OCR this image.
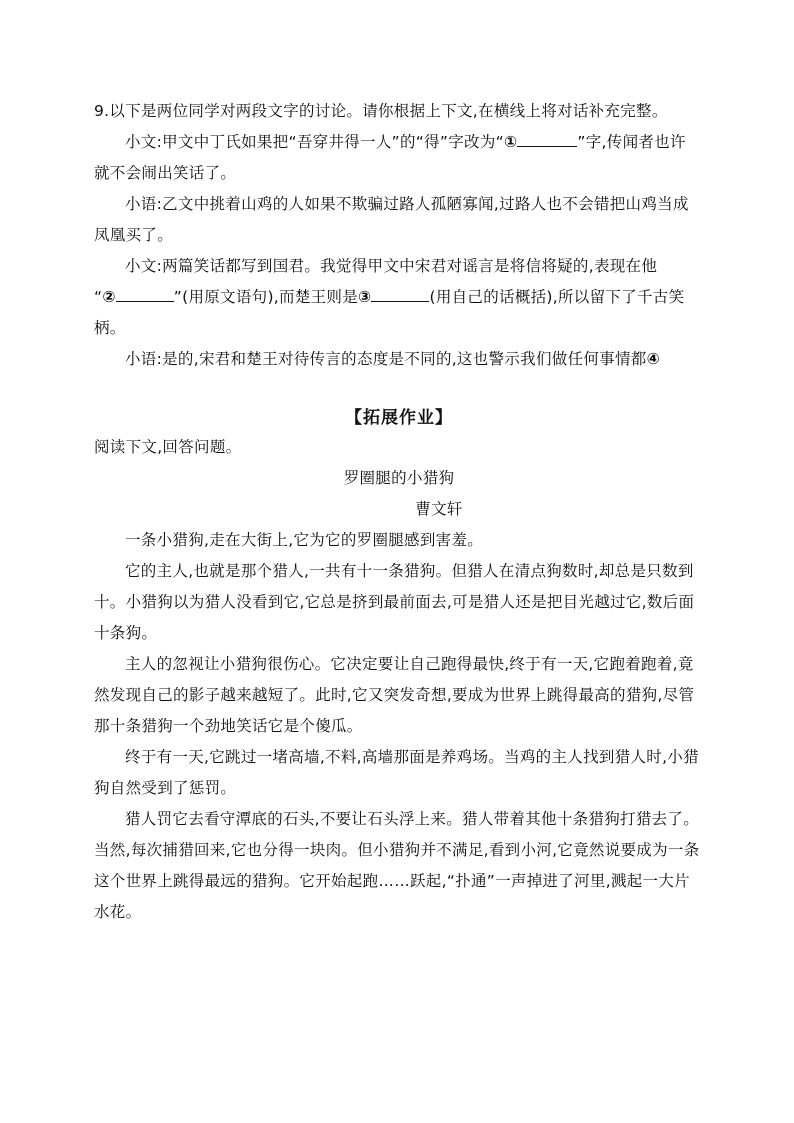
9.以下是两位同学对两段文字的讨论。请你根据上下文,在横线上将对话补充完整。
小文:甲文中丁氏如果把“吾穿井得一人”的“得”字改为“①	”字,传闻者也许
就不会闹出笑话了。
小语:乙文中挑着山鸡的人如果不欺骗过路人孤陋寡闻,过路人也不会错把山鸡当成
凤凰买了。
小文:两篇笑话都写到国君。我觉得甲文中宋君对谣言是将信将疑的,表现在他
“②	”(用原文语句),而楚王则是③	(用自己的话概括),所以留下了千古笑
柄。
小语:是的,宋君和楚王对待传言的态度是不同的,这也警示我们做任何事情都④
【拓展作业】
阅读下文,回答问题。
罗圈腿的小猎狗
曹文轩
一条小猎狗,走在大街上,它为它的罗圈腿感到害羞。
它的主人,也就是那个猎人,一共有十一条猎狗。但猎人在清点狗数时,却总是只数到
十。小猎狗以为猎人没看到它,它总是挤到最前面去,可是猎人还是把目光越过它,数后面
十条狗。
主人的忽视让小猎狗很伤心。它决定要让自己跑得最快,终于有一天,它跑着跑着,竟
然发现自己的影子越来越短了。此时,它又突发奇想,要成为世界上跳得最高的猎狗,尽管
那十条猎狗一个劲地笑话它是个傻瓜。
终于有一天,它跳过一堵高墙,不料,高墙那面是养鸡场。当鸡的主人找到猎人时,小猎
狗自然受到了惩罚。
猎人罚它去看守潭底的石头,不要让石头浮上来。猎人带着其他十条猎狗打猎去了。
当然,每次捕猎回来,它也分得一块肉。但小猎狗并不满足,看到小河,它竟然说要成为一条
这个世界上跳得最远的猎狗。它开始起跑……跃起,“扑通”一声掉进了河里,溅起一大片
水花。
